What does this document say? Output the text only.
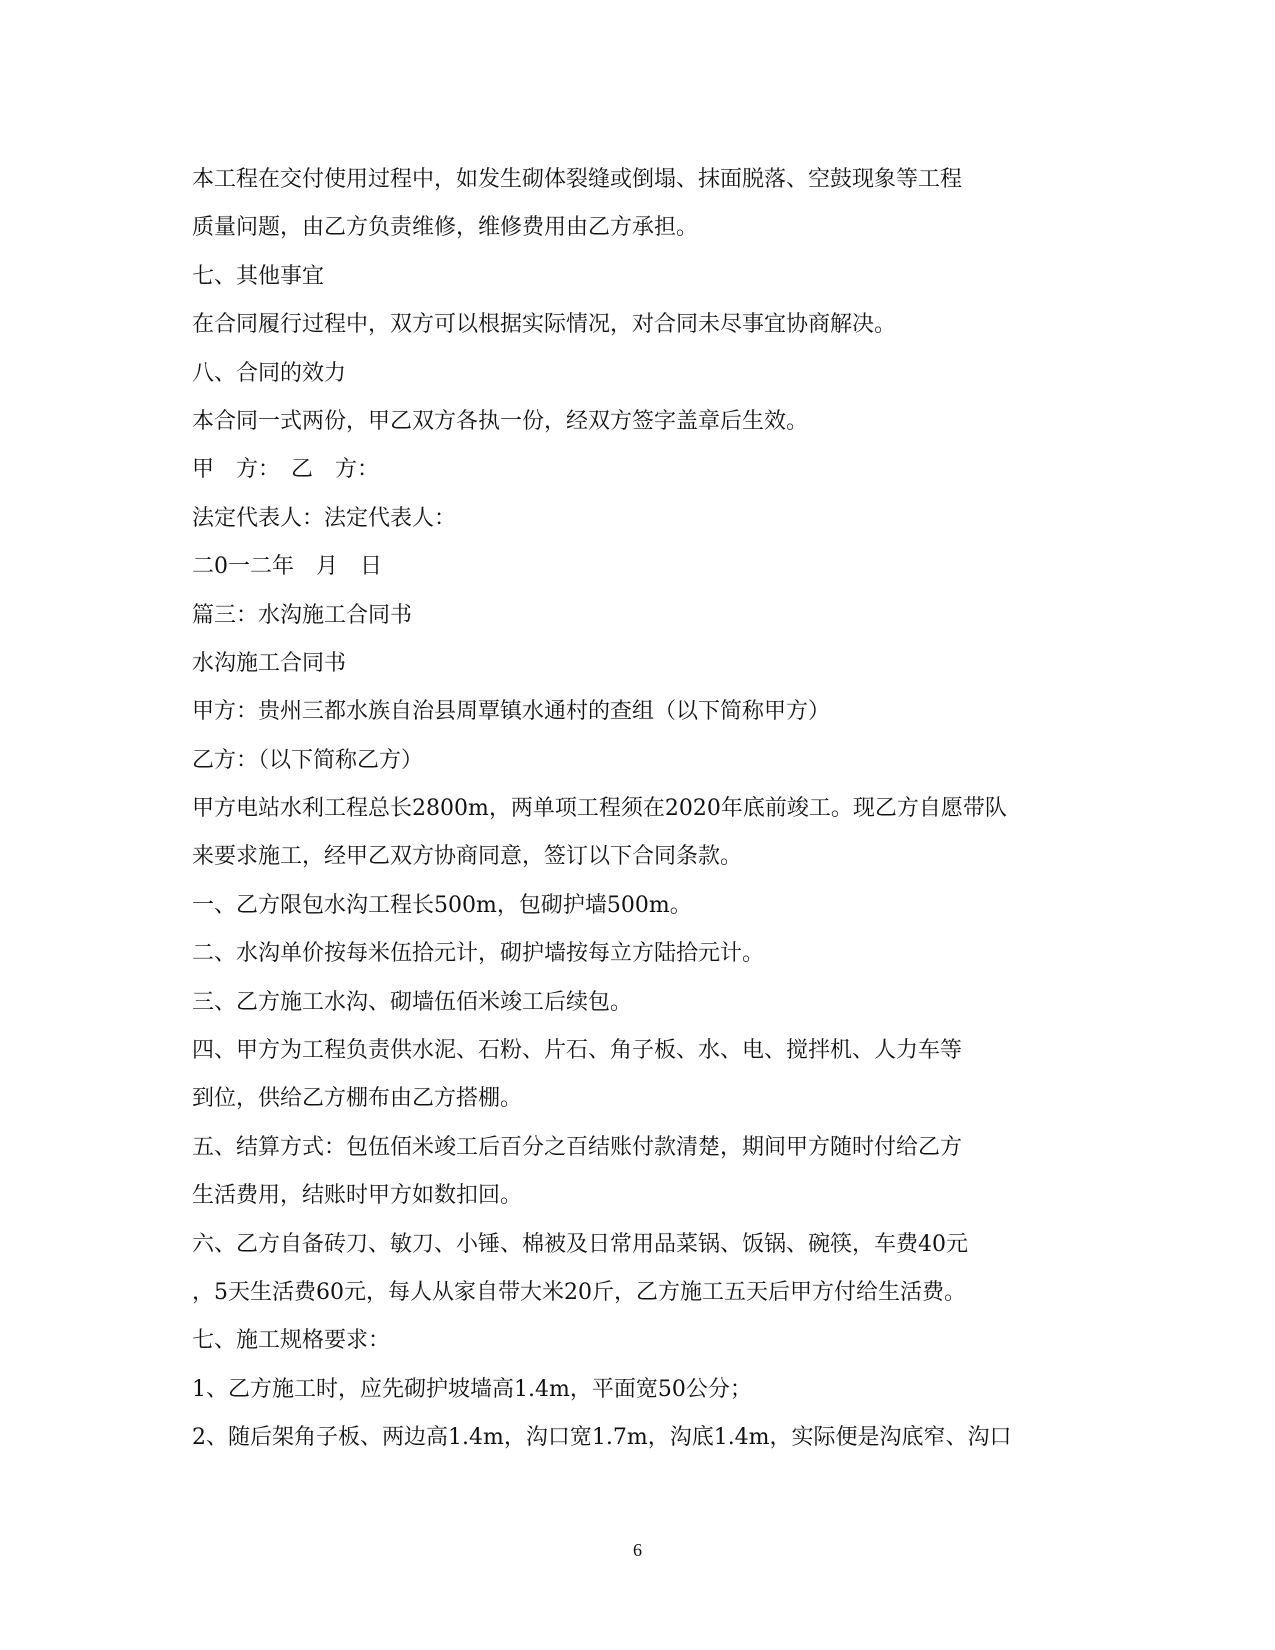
本工程在交付使用过程中，如发生砌体裂缝或倒塌、抹面脱落、空鼓现象等工程
质量问题，由乙方负责维修，维修费用由乙方承担。
七、其他事宜
在合同履行过程中，双方可以根据实际情况，对合同未尽事宜协商解决。
八、合同的效力
本合同一式两份，甲乙双方各执一份，经双方签字盖章后生效。
甲　方：　乙　方：
法定代表人：法定代表人：
二0一二年　月　日
篇三：水沟施工合同书
水沟施工合同书
甲方：贵州三都水族自治县周覃镇水通村的查组（以下简称甲方）
乙方：（以下简称乙方）
甲方电站水利工程总长2800m，两单项工程须在2020年底前竣工。现乙方自愿带队
来要求施工，经甲乙双方协商同意，签订以下合同条款。
一、乙方限包水沟工程长500m，包砌护墙500m。
二、水沟单价按每米伍拾元计，砌护墙按每立方陆拾元计。
三、乙方施工水沟、砌墙伍佰米竣工后续包。
四、甲方为工程负责供水泥、石粉、片石、角子板、水、电、搅拌机、人力车等
到位，供给乙方棚布由乙方搭棚。
五、结算方式：包伍佰米竣工后百分之百结账付款清楚，期间甲方随时付给乙方
生活费用，结账时甲方如数扣回。
六、乙方自备砖刀、敏刀、小锤、棉被及日常用品菜锅、饭锅、碗筷，车费40元
，5天生活费60元，每人从家自带大米20斤，乙方施工五天后甲方付给生活费。
七、施工规格要求：
1、乙方施工时，应先砌护坡墙高1.4m，平面宽50公分；
2、随后架角子板、两边高1.4m，沟口宽1.7m，沟底1.4m，实际便是沟底窄、沟口
6
